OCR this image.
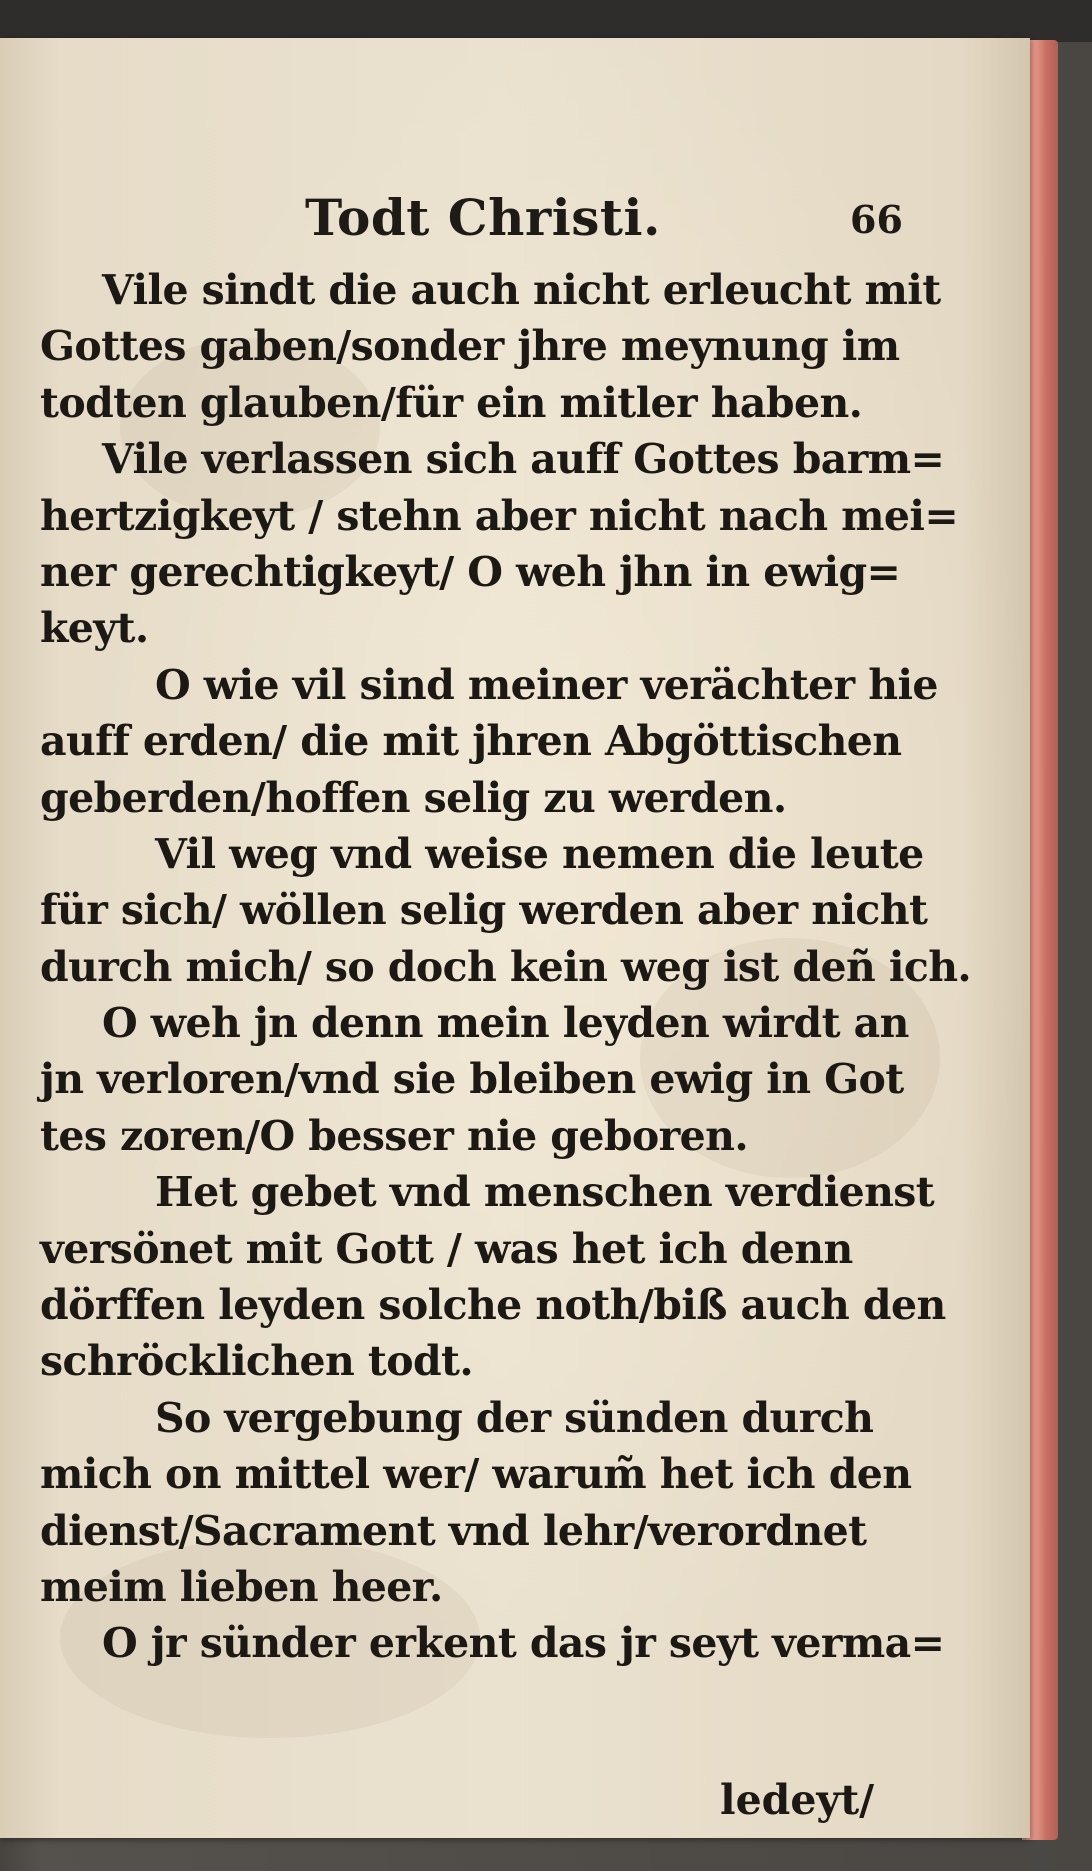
Todt Christi.	66
Vile sindt die auch nicht erleucht mit
Gottes gaben/sonder jhre meynung im
todten glauben/für ein mitler haben.
Vile verlassen sich auff Gottes barm=
hertzigkeyt / stehn aber nicht nach mei=
ner gerechtigkeyt/ O weh jhn in ewig=
keyt.
O wie vil sind meiner verächter hie
auff erden/ die mit jhren Abgöttischen
geberden/hoffen selig zu werden.
Vil weg vnd weise nemen die leute
für sich/ wöllen selig werden aber nicht
durch mich/ so doch kein weg ist deñ ich.
O weh jn denn mein leyden wirdt an
jn verloren/vnd sie bleiben ewig in Got
tes zoren/O besser nie geboren.
Het gebet vnd menschen verdienst
versönet mit Gott / was het ich denn
dörffen leyden solche noth/biß auch den
schröcklichen todt.
So vergebung der sünden durch
mich on mittel wer/ warum̃ het ich den
dienst/Sacrament vnd lehr/verordnet
meim lieben heer.
O jr sünder erkent das jr seyt verma=
ledeyt/
